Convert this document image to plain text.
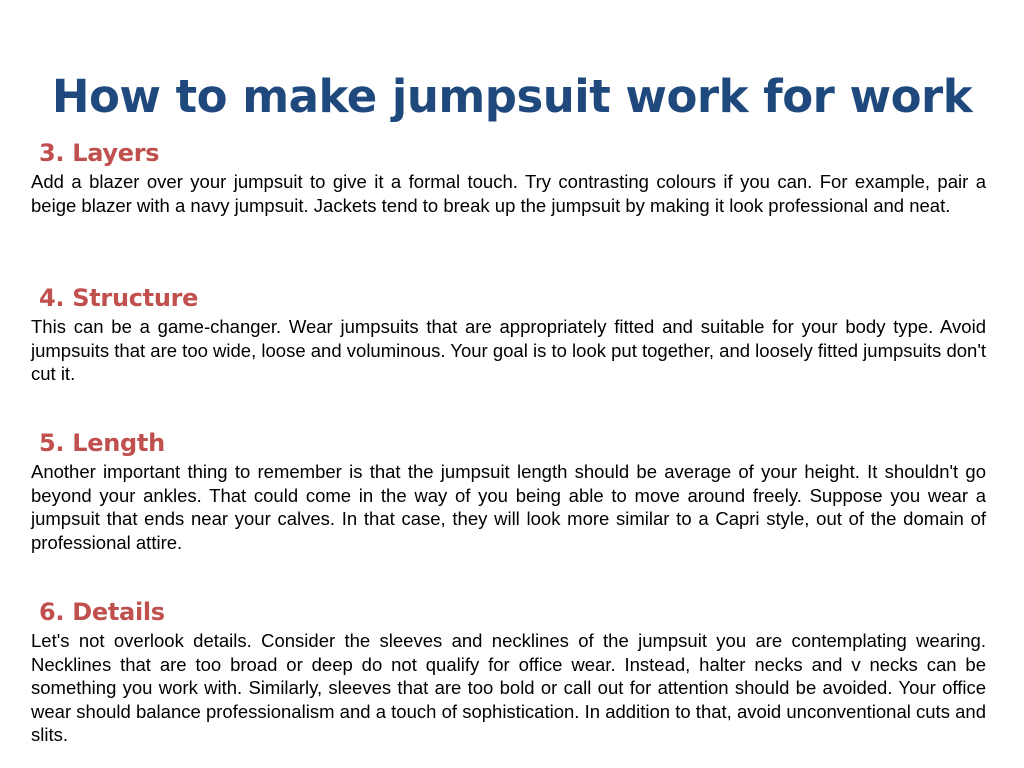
How to make jumpsuit work for work
3. Layers

Add a blazer over your jumpsuit to give it a formal touch. Try contrasting colours if you can. For example, pair a beige blazer with a navy jumpsuit. Jackets tend to break up the jumpsuit by making it look professional and neat.

4. Structure

This can be a game-changer. Wear jumpsuits that are appropriately fitted and suitable for your body type. Avoid jumpsuits that are too wide, loose and voluminous. Your goal is to look put together, and loosely fitted jumpsuits don't cut it.

5. Length

Another important thing to remember is that the jumpsuit length should be average of your height. It shouldn't go beyond your ankles. That could come in the way of you being able to move around freely. Suppose you wear a jumpsuit that ends near your calves. In that case, they will look more similar to a Capri style, out of the domain of professional attire.

6. Details

Let's not overlook details. Consider the sleeves and necklines of the jumpsuit you are contemplating wearing. Necklines that are too broad or deep do not qualify for office wear. Instead, halter necks and v necks can be something you work with. Similarly, sleeves that are too bold or call out for attention should be avoided. Your office wear should balance professionalism and a touch of sophistication. In addition to that, avoid unconventional cuts and slits.
